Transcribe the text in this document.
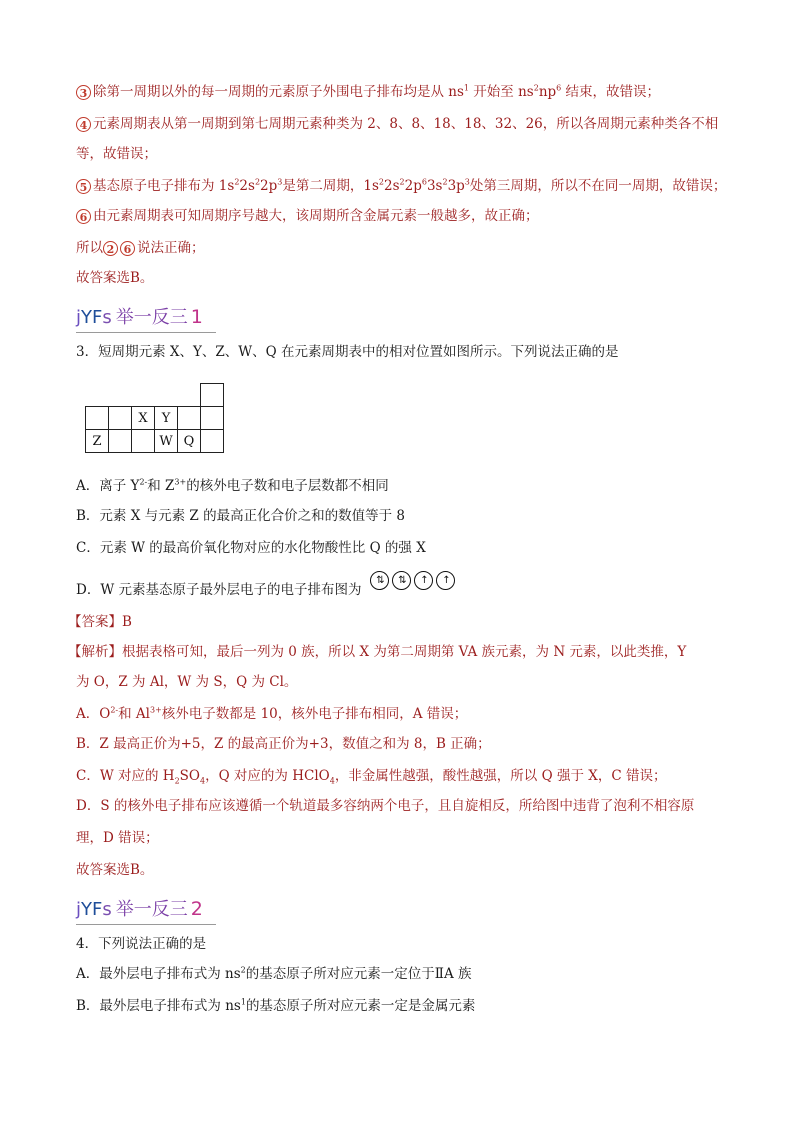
3 除第一周期以外的每一周期的元素原子外围电子排布均是从 $ns^1$ 开始至 $ns^2np^6$ 结束，故错误；
4 元素周期表从第一周期到第七周期元素种类为 2、8、8、18、18、32、26，所以各周期元素种类各不相
等，故错误；
5 基态原子电子排布为 $1s^22s^22p^3$是第二周期，$1s^22s^22p^63s^23p^3$处第三周期，所以不在同一周期，故错误；
6 由元素周期表可知周期序号越大，该周期所含金属元素一般越多，故正确；
所以 2 6 说法正确；
故答案选B。
jYFs 举一反三 1
3．短周期元素 X、Y、Z、W、Q 在元素周期表中的相对位置如图所示。下列说法正确的是

		X	Y		
Z			W	Q	
A．离子 $Y^{2-}$和 $Z^{3+}$的核外电子数和电子层数都不相同
B．元素 X 与元素 Z 的最高正化合价之和的数值等于 8
C．元素 W 的最高价氧化物对应的水化物酸性比 Q 的强 X
D．W 元素基态原子最外层电子的电子排布图为
⇅ ⇅ ↑ ↑
【答案】B
【解析】根据表格可知，最后一列为 0 族，所以 X 为第二周期第 VA 族元素，为 N 元素，以此类推，Y
为 O，Z 为 Al，W 为 S，Q 为 Cl。
A．$O^{2-}$和 $Al^{3+}$核外电子数都是 10，核外电子排布相同，A 错误；
B．Z 最高正价为+5，Z 的最高正价为+3，数值之和为 8，B 正确；
C．W 对应的 $H_2SO_4$，Q 对应的为 HClO$_4$，非金属性越强，酸性越强，所以 Q 强于 X，C 错误；
D．S 的核外电子排布应该遵循一个轨道最多容纳两个电子，且自旋相反，所给图中违背了泡利不相容原
理，D 错误；
故答案选B。
jYFs 举一反三 2
4．下列说法正确的是
A．最外层电子排布式为 $ns^2$的基态原子所对应元素一定位于ⅡA 族
B．最外层电子排布式为 $ns^1$的基态原子所对应元素一定是金属元素
